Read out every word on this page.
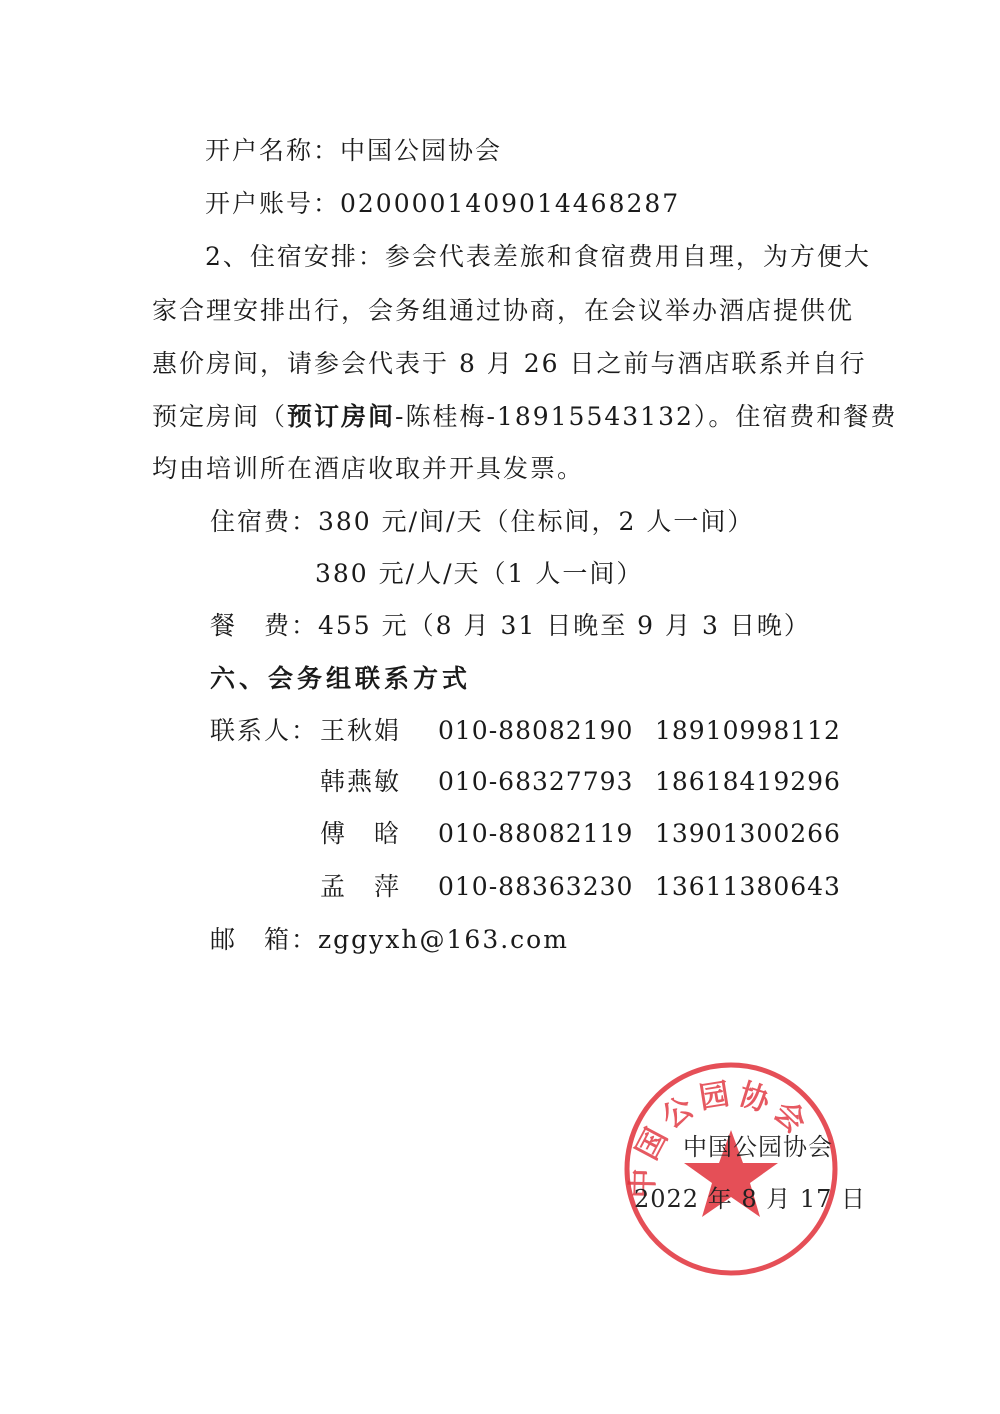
开户名称：中国公园协会
开户账号：0200001409014468287
2、住宿安排：参会代表差旅和食宿费用自理，为方便大
家合理安排出行，会务组通过协商，在会议举办酒店提供优
惠价房间，请参会代表于 8 月 26 日之前与酒店联系并自行
预定房间（预订房间-陈桂梅-18915543132）。住宿费和餐费
均由培训所在酒店收取并开具发票。
住宿费：380 元/间/天（住标间，2 人一间）
380 元/人/天（1 人一间）
餐　费：455 元（8 月 31 日晚至 9 月 3 日晚）
六、会务组联系方式
联系人： 王秋娟 010-88082190 18910998112
韩燕敏 010-68327793 18618419296
傅　晗 010-88082119 13901300266
孟　萍 010-88363230 13611380643
邮　箱：zggyxh@163.com
中国公园协会
中国公园协会
2022 年 8 月 17 日
